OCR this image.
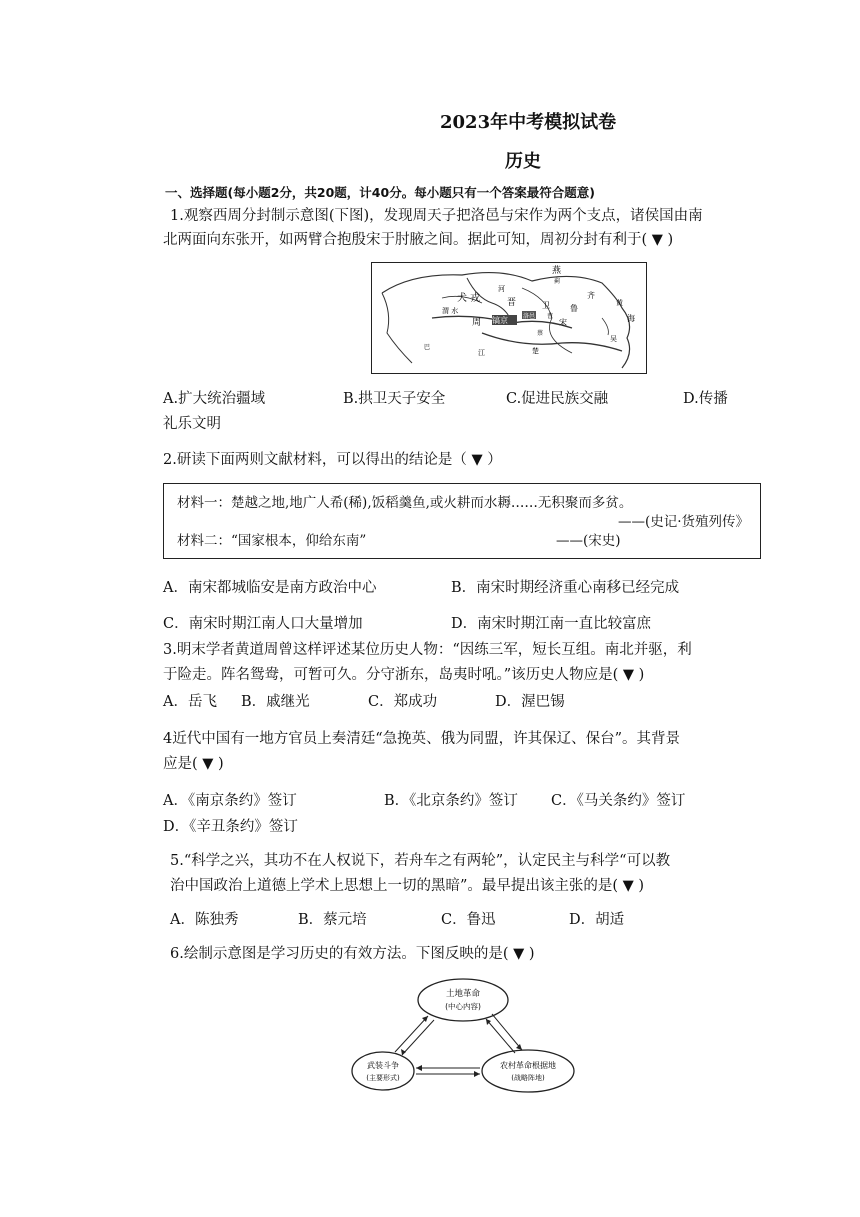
2023年中考模拟试卷
历史
一、选择题(每小题2分，共20题，计40分。每小题只有一个答案最符合题意)
1.观察西周分封制示意图(下图)，发现周天子把洛邑与宋作为两个支点，诸侯国由南
北两面向东张开，如两臂合抱殷宋于肘腋之间。据此可知，周初分封有利于( ▼ )
燕
蓟
犬 戎
河
晋	卫	鲁
齐
渭 水
镐京	洛邑
周	宋
曹
蔡
楚
江
黄
海
吴
巴
A.扩大统治疆域	B.拱卫天子安全	C.促进民族交融	D.传播
礼乐文明
2.研读下面两则文献材料，可以得出的结论是（ ▼ ）
材料一：楚越之地,地广人希(稀),饭稻羹鱼,或火耕而水耨……无积聚而多贫。
——(史记·货殖列传》
材料二：“国家根本，仰给东南”	——(宋史)
A．南宋都城临安是南方政治中心	B．南宋时期经济重心南移已经完成
C．南宋时期江南人口大量增加	D．南宋时期江南一直比较富庶
3.明末学者黄道周曾这样评述某位历史人物：“因练三军，短长互组。南北并驱，利
于险走。阵名鸳鸯，可暂可久。分守浙东，岛夷时吼。”该历史人物应是( ▼ )
A．岳飞 B．戚继光	C．郑成功	D．渥巴锡
4近代中国有一地方官员上奏清廷“急挽英、俄为同盟，许其保辽、保台”。其背景
应是( ▼ )
A．《南京条约》签订	B．《北京条约》签订 C．《马关条约》签订
D．《辛丑条约》签订
5.“科学之兴，其功不在人权说下，若舟车之有两轮”，认定民主与科学“可以教
治中国政治上道德上学术上思想上一切的黑暗”。最早提出该主张的是( ▼ )
A．陈独秀	B．蔡元培	C．鲁迅	D．胡适
6.绘制示意图是学习历史的有效方法。下图反映的是( ▼ )
土地革命
(中心内容)
武装斗争
(主要形式)
农村革命根据地
(战略阵地)
